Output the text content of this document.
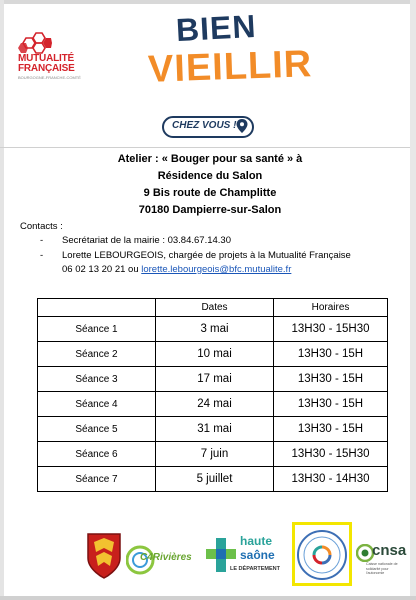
MUTUALITÉ
FRANÇAISE
BOURGOGNE-FRANCHE-COMTÉ
BIEN
VIEILLIR
CHEZ VOUS !
Atelier : « Bouger pour sa santé » à
Résidence du Salon
9 Bis route de Champlitte
70180 Dampierre-sur-Salon
Contacts :
- Secrétariat de la mairie : 03.84.67.14.30
- Lorette LEBOURGEOIS, chargée de projets à la Mutualité Française
06 02 13 20 21 ou lorette.lebourgeois@bfc.mutualite.fr
	Dates	Horaires
Séance 1	3 mai	13H30 - 15H30
Séance 2	10 mai	13H30 - 15H
Séance 3	17 mai	13H30 - 15H
Séance 4	24 mai	13H30 - 15H
Séance 5	31 mai	13H30 - 15H
Séance 6	7 juin	13H30 - 15H30
Séance 7	5 juillet	13H30 - 14H30
C4Rivières
haute
saône
LE DÉPARTEMENT
cnsa
Caisse nationale de solidarité pour l'autonomie
